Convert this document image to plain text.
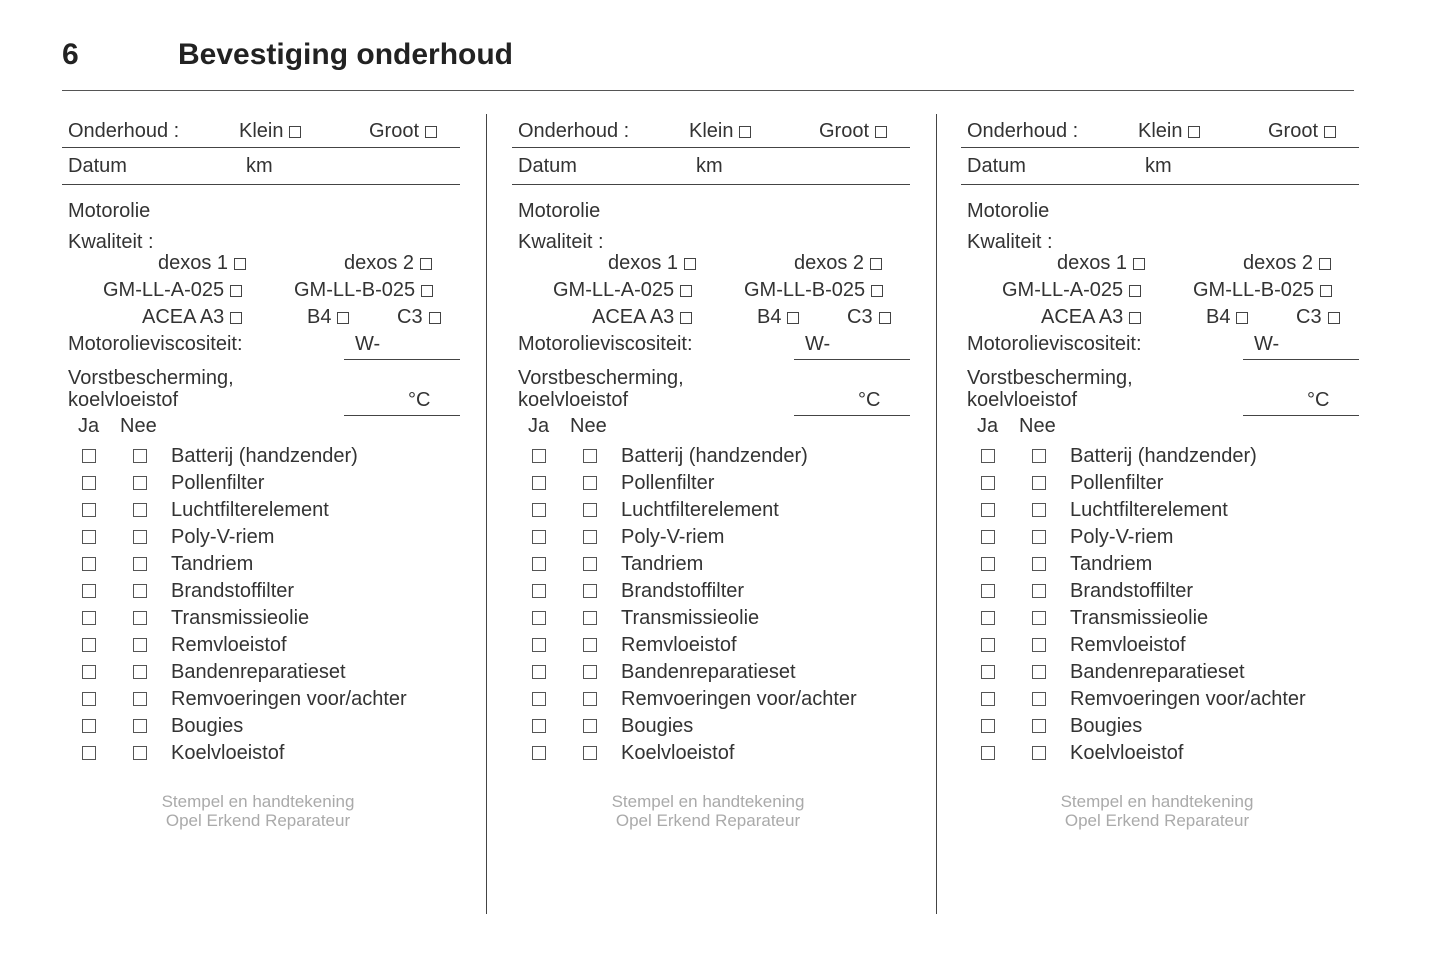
6	Bevestiging onderhoud
Onderhoud :	Klein	Groot
Datum	km
Motorolie
Kwaliteit :
dexos 1	dexos 2
GM-LL-A-025	GM-LL-B-025
ACEA A3	B4	C3
Motorolieviscositeit:	W-
Vorstbescherming,
koelvloeistof	°C
Ja Nee
Batterij (handzender)
Pollenfilter
Luchtfilterelement
Poly-V-riem
Tandriem
Brandstoffilter
Transmissieolie
Remvloeistof
Bandenreparatieset
Remvoeringen voor/achter
Bougies
Koelvloeistof
Stempel en handtekening
Opel Erkend Reparateur
Onderhoud :	Klein	Groot
Datum	km
Motorolie
Kwaliteit :
dexos 1	dexos 2
GM-LL-A-025	GM-LL-B-025
ACEA A3	B4	C3
Motorolieviscositeit:	W-
Vorstbescherming,
koelvloeistof	°C
Ja Nee
Batterij (handzender)
Pollenfilter
Luchtfilterelement
Poly-V-riem
Tandriem
Brandstoffilter
Transmissieolie
Remvloeistof
Bandenreparatieset
Remvoeringen voor/achter
Bougies
Koelvloeistof
Stempel en handtekening
Opel Erkend Reparateur
Onderhoud :	Klein	Groot
Datum	km
Motorolie
Kwaliteit :
dexos 1	dexos 2
GM-LL-A-025	GM-LL-B-025
ACEA A3	B4	C3
Motorolieviscositeit:	W-
Vorstbescherming,
koelvloeistof	°C
Ja Nee
Batterij (handzender)
Pollenfilter
Luchtfilterelement
Poly-V-riem
Tandriem
Brandstoffilter
Transmissieolie
Remvloeistof
Bandenreparatieset
Remvoeringen voor/achter
Bougies
Koelvloeistof
Stempel en handtekening
Opel Erkend Reparateur
